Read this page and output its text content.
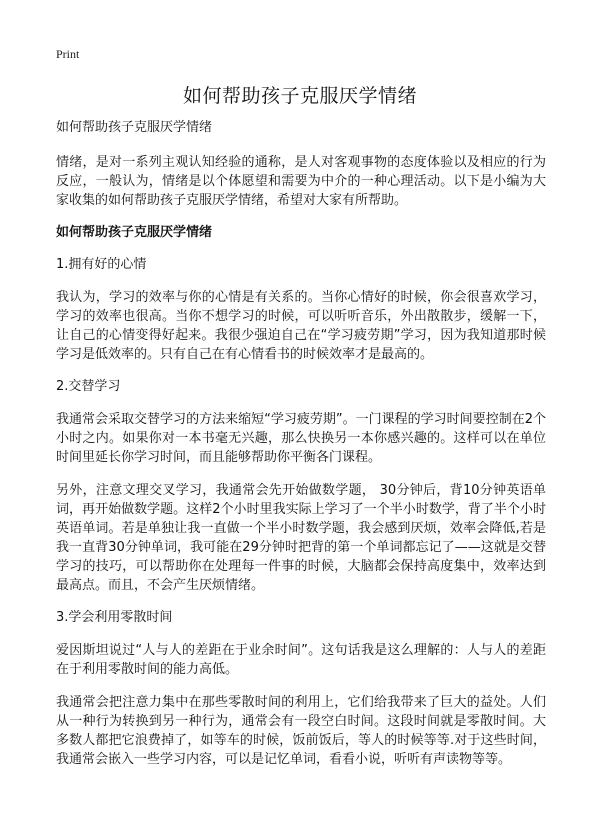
Print
如何帮助孩子克服厌学情绪

如何帮助孩子克服厌学情绪

情绪，是对一系列主观认知经验的通称，是人对客观事物的态度体验以及相应的行为反应，一般认为，情绪是以个体愿望和需要为中介的一种心理活动。以下是小编为大家收集的如何帮助孩子克服厌学情绪，希望对大家有所帮助。

如何帮助孩子克服厌学情绪

1.拥有好的心情

我认为，学习的效率与你的心情是有关系的。当你心情好的时候，你会很喜欢学习，学习的效率也很高。当你不想学习的时候，可以听听音乐，外出散散步，缓解一下，让自己的心情变得好起来。我很少强迫自己在“学习疲劳期”学习，因为我知道那时候学习是低效率的。只有自己在有心情看书的时候效率才是最高的。

2.交替学习

我通常会采取交替学习的方法来缩短“学习疲劳期”。一门课程的学习时间要控制在2个小时之内。如果你对一本书毫无兴趣，那么快换另一本你感兴趣的。这样可以在单位时间里延长你学习时间，而且能够帮助你平衡各门课程。

另外，注意文理交叉学习，我通常会先开始做数学题， 30分钟后，背10分钟英语单词，再开始做数学题。这样2个小时里我实际上学习了一个半小时数学，背了半个小时英语单词。若是单独让我一直做一个半小时数学题，我会感到厌烦，效率会降低,若是我一直背30分钟单词，我可能在29分钟时把背的第一个单词都忘记了——这就是交替学习的技巧，可以帮助你在处理每一件事的时候，大脑都会保持高度集中，效率达到最高点。而且，不会产生厌烦情绪。

3.学会利用零散时间

爱因斯坦说过“人与人的差距在于业余时间”。这句话我是这么理解的：人与人的差距在于利用零散时间的能力高低。

我通常会把注意力集中在那些零散时间的利用上，它们给我带来了巨大的益处。人们从一种行为转换到另一种行为，通常会有一段空白时间。这段时间就是零散时间。大多数人都把它浪费掉了，如等车的时候，饭前饭后，等人的时候等等.对于这些时间，我通常会嵌入一些学习内容，可以是记忆单词，看看小说，听听有声读物等等。
